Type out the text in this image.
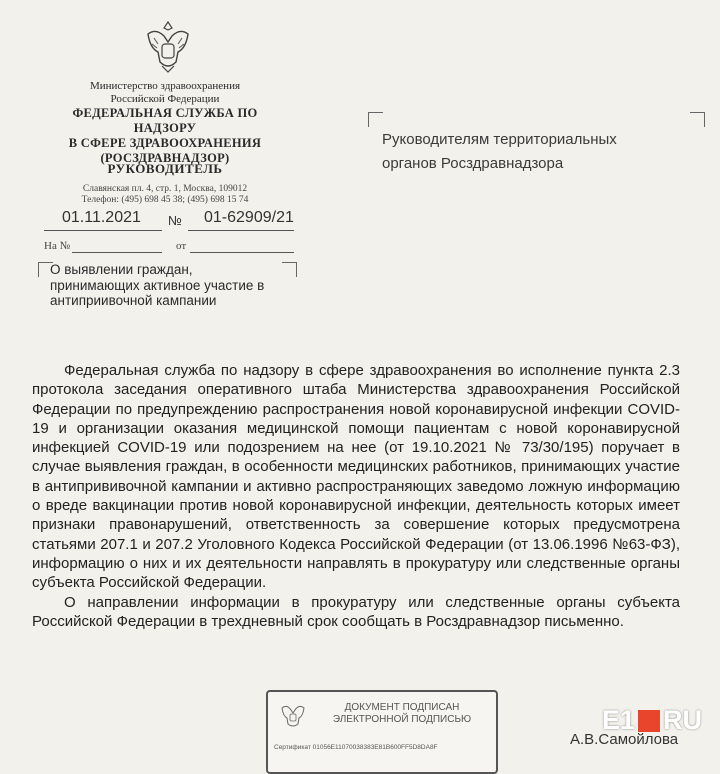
Министерство здравоохранения
Российской Федерации
ФЕДЕРАЛЬНАЯ СЛУЖБА ПО НАДЗОРУ
В СФЕРЕ ЗДРАВООХРАНЕНИЯ
(РОСЗДРАВНАДЗОР)
РУКОВОДИТЕЛЬ
Славянская пл. 4, стр. 1, Москва, 109012
Телефон: (495) 698 45 38; (495) 698 15 74
01.11.2021 № 01-62909/21
На №	от
О выявлении граждан,
принимающих активное участие в
антиприивочной кампании
Руководителям территориальных
органов Росздравнадзора

Федеральная служба по надзору в сфере здравоохранения во исполнение пункта 2.3 протокола заседания оперативного штаба Министерства здравоохранения Российской Федерации по предупреждению распространения новой коронавирусной инфекции COVID-19 и организации оказания медицинской помощи пациентам с новой коронавирусной инфекцией COVID-19 или подозрением на нее (от 19.10.2021 № 73/30/195) поручает в случае выявления граждан, в особенности медицинских работников, принимающих участие в антипрививочной кампании и активно распространяющих заведомо ложную информацию о вреде вакцинации против новой коронавирусной инфекции, деятельность которых имеет признаки правонарушений, ответственность за совершение которых предусмотрена статьями 207.1 и 207.2 Уголовного Кодекса Российской Федерации (от 13.06.1996 №63-ФЗ), информацию о них и их деятельности направлять в прокуратуру или следственные органы субъекта Российской Федерации.

О направлении информации в прокуратуру или следственные органы субъекта Российской Федерации в трехдневный срок сообщать в Росздравнадзор письменно.

ДОКУМЕНТ ПОДПИСАН
ЭЛЕКТРОННОЙ ПОДПИСЬЮ
Сертификат 01056E11070038383E81B600FF5D8DA8F	А.В.Самойлова
E1 RU
